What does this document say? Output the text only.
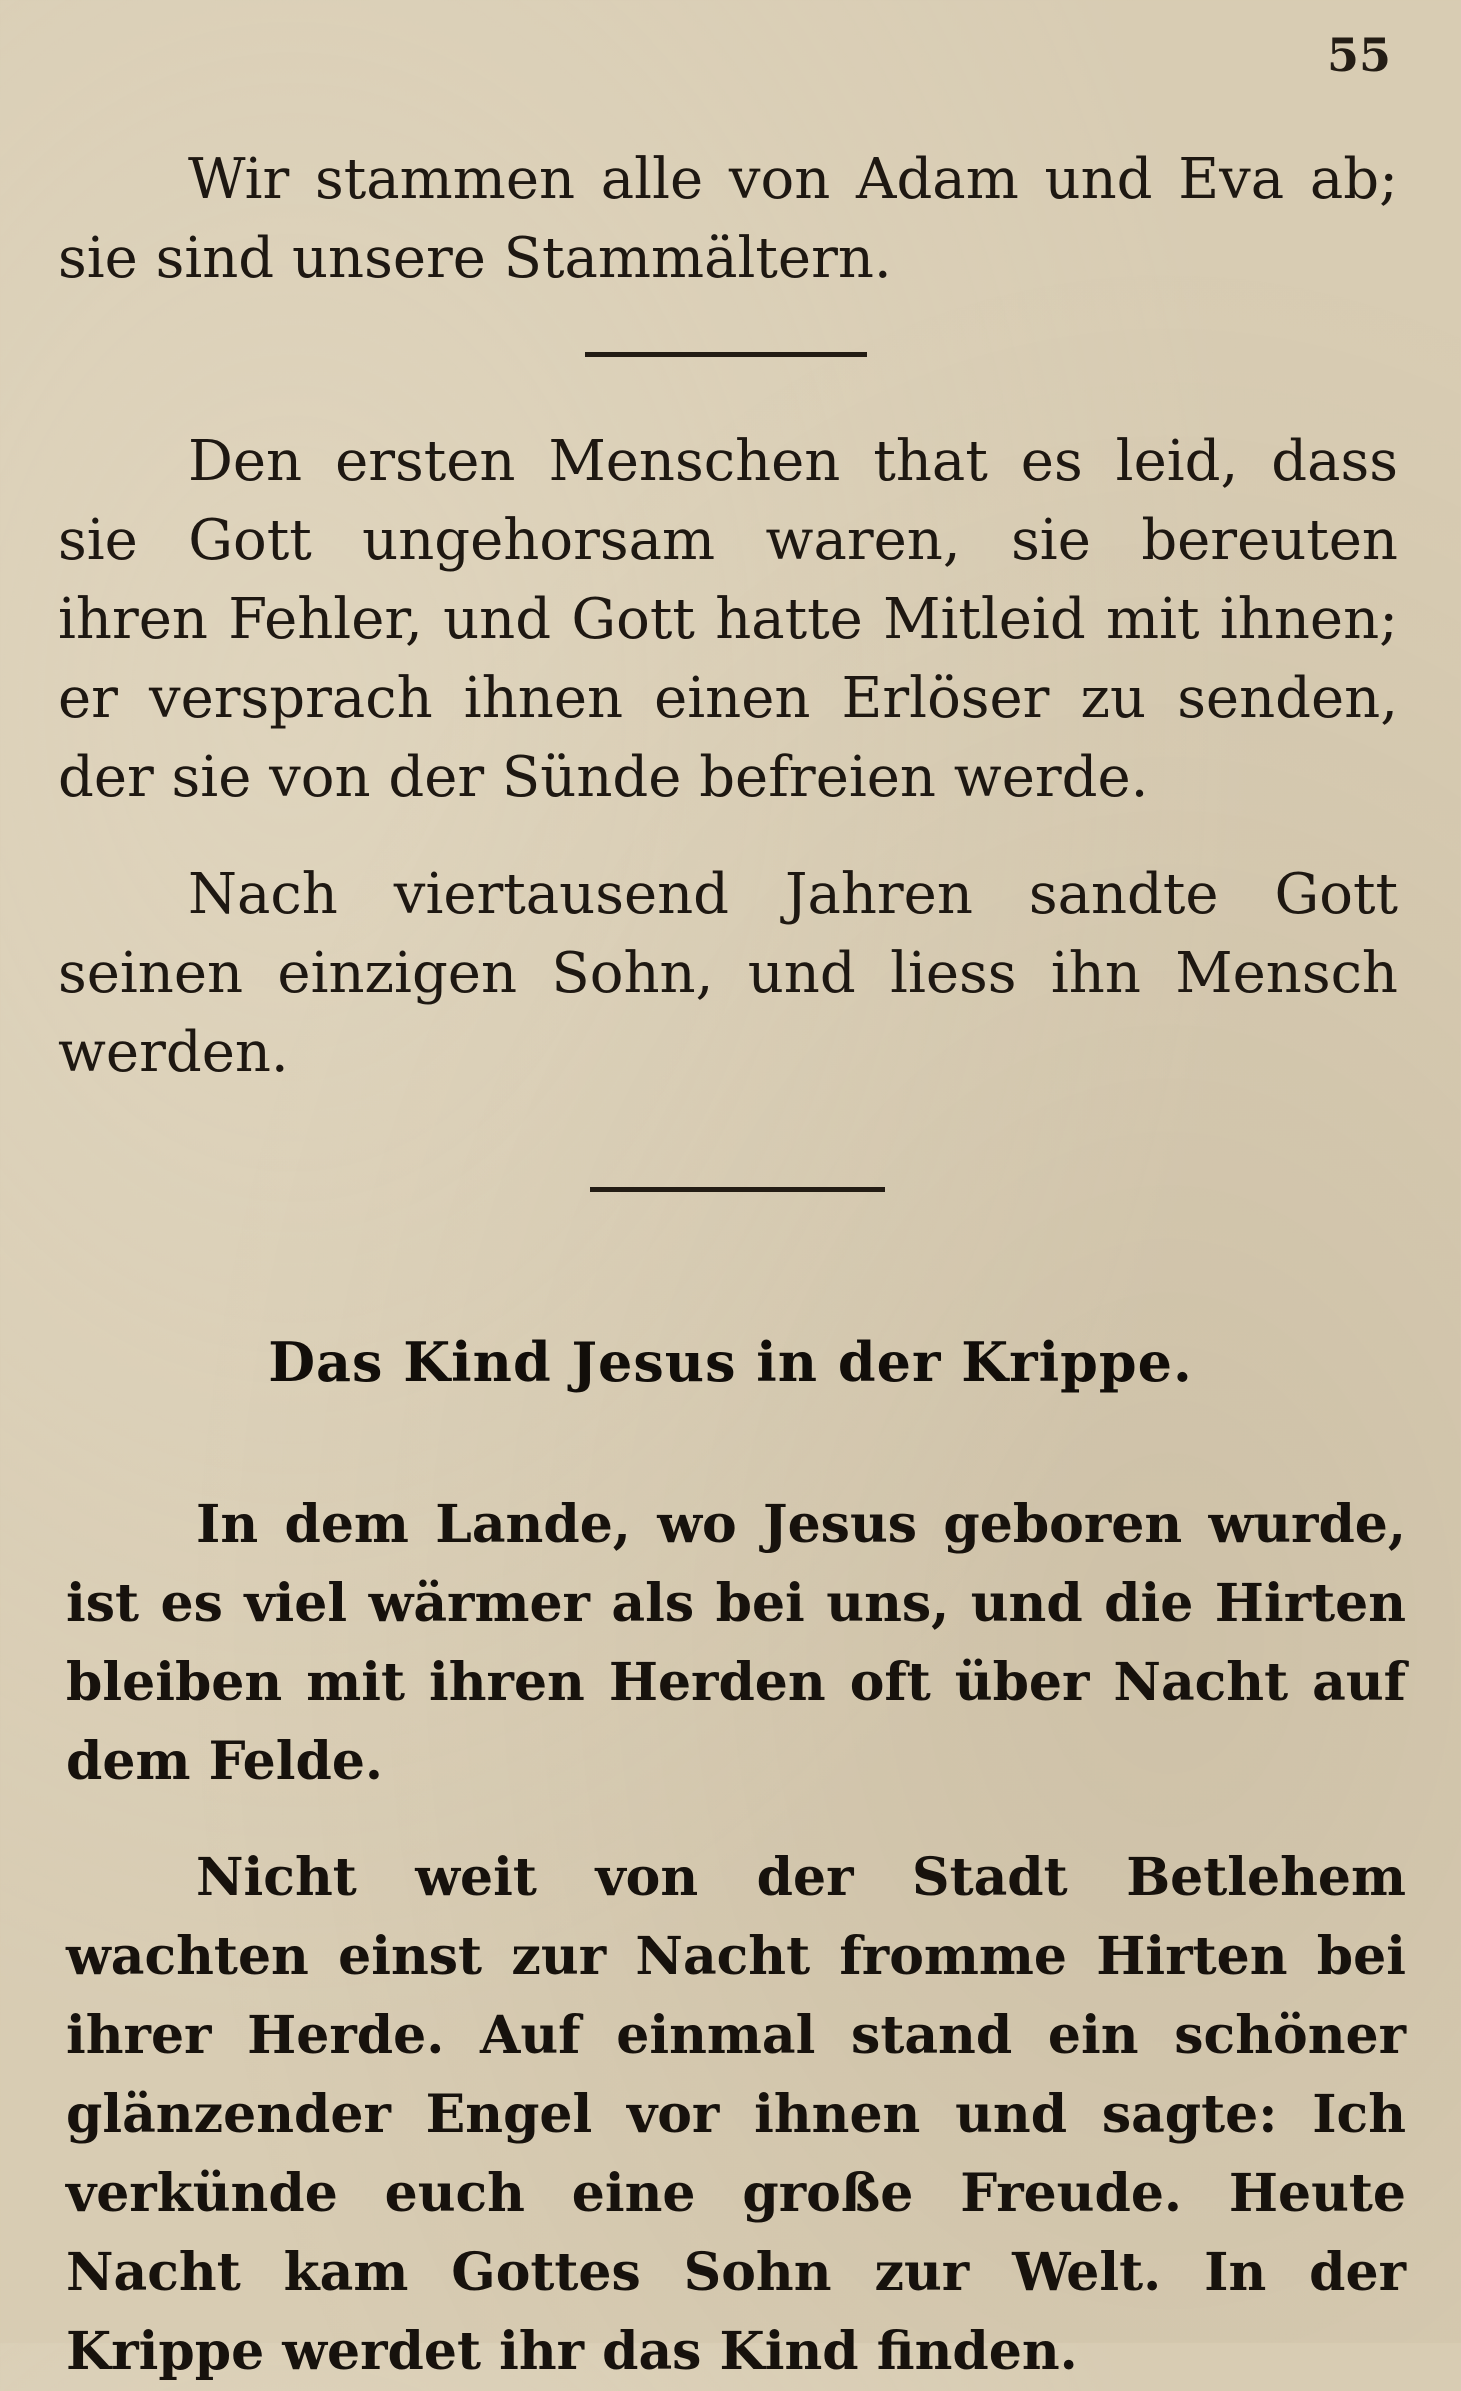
55

Wir stammen alle von Adam und Eva ab; sie sind unsere Stammältern.

Den ersten Menschen that es leid, dass sie Gott ungehorsam waren, sie bereuten ihren Fehler, und Gott hatte Mitleid mit ihnen; er versprach ihnen einen Erlöser zu senden, der sie von der Sünde befreien werde.

Nach viertausend Jahren sandte Gott seinen einzigen Sohn, und liess ihn Mensch werden.

Das Kind Jesus in der Krippe.

In dem Lande, wo Jesus geboren wurde, ist es viel wärmer als bei uns, und die Hirten bleiben mit ihren Herden oft über Nacht auf dem Felde.

Nicht weit von der Stadt Betlehem wachten einst zur Nacht fromme Hirten bei ihrer Herde. Auf einmal stand ein schöner glänzender Engel vor ihnen und sagte: Ich verkünde euch eine große Freude. Heute Nacht kam Gottes Sohn zur Welt. In der Krippe werdet ihr das Kind finden.
